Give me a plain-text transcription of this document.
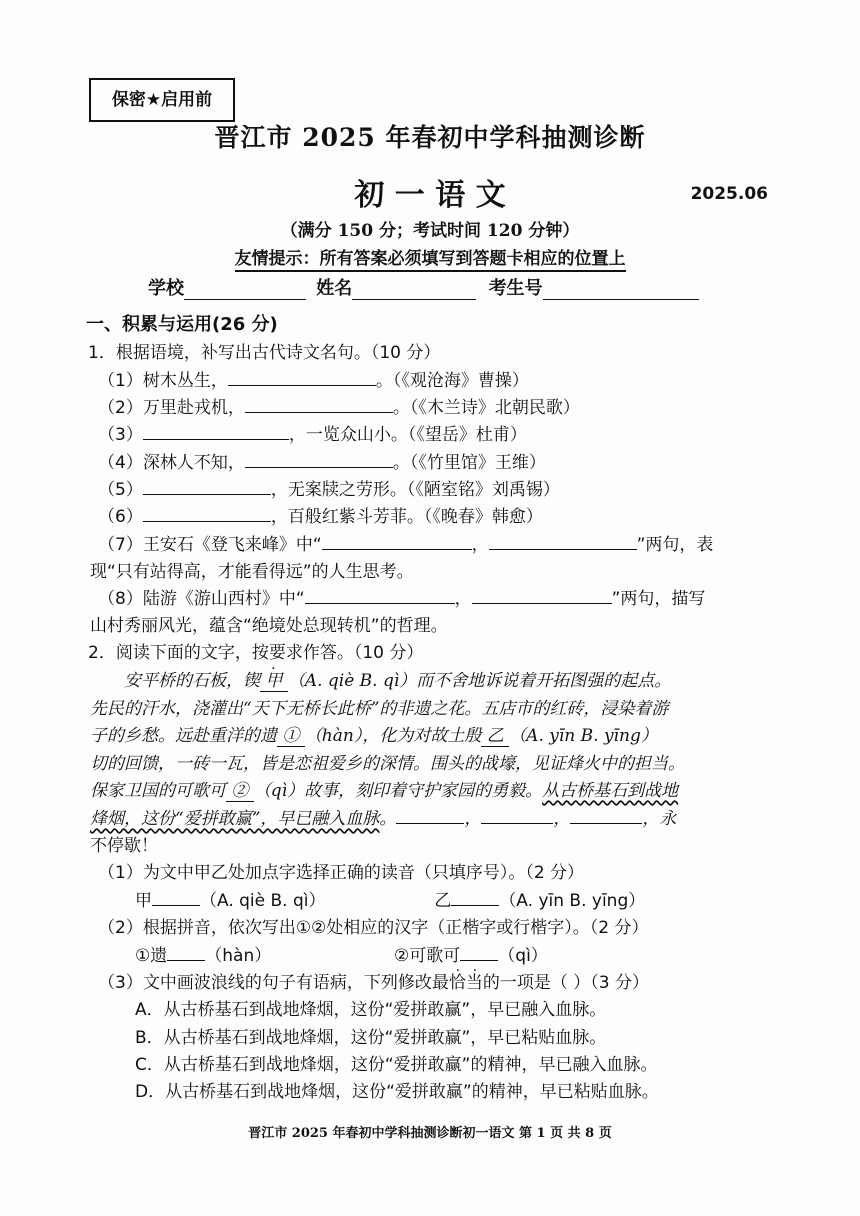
保密★启用前
晋江市 2025 年春初中学科抽测诊断
初 一 语 文	2025.06
（满分 150 分；考试时间 120 分钟）
友情提示：所有答案必须填写到答题卡相应的位置上
学校	姓名	考生号
一、积累与运用(26 分)
1．根据语境，补写出古代诗文名句。（10 分）
（1）树木丛生，	。（《观沧海》曹操）
（2）万里赴戎机，	。（《木兰诗》北朝民歌）
（3）	，一览众山小。（《望岳》杜甫）
（4）深林人不知，	。（《竹里馆》王维）
（5）	，无案牍之劳形。（《陋室铭》刘禹锡）
（6）	，百般红紫斗芳菲。（《晚春》韩愈）
（7）王安石《登飞来峰》中“	，	”两句，表
现“只有站得高，才能看得远”的人生思考。
（8）陆游《游山西村》中“	，	”两句，描写
山村秀丽风光，蕴含“绝境处总现转机”的哲理。
2．阅读下面的文字，按要求作答。（10 分）
安平桥的石板，锲 甲 （A. qiè B. qì）而不舍地诉说着开拓图强的起点。
先民的汗水，浇灌出“天下无桥长此桥”的非遗之花。五店市的红砖，浸染着游
子的乡愁。远赴重洋的遗 ① （hàn），化为对故土殷 乙 （A. yīn B. yīng）
切的回馈，一砖一瓦，皆是恋祖爱乡的深情。围头的战壕，见证烽火中的担当。
保家卫国的可歌可 ② （qì）故事，刻印着守护家园的勇毅。从古桥基石到战地
烽烟，这份“爱拼敢赢”，早已融入血脉。	，	，	，永
不停歇！
（1）为文中甲乙处加点字选择正确的读音（只填序号）。（2 分）
甲	（A. qiè B. qì）	乙	（A. yīn B. yīng）
（2）根据拼音，依次写出①②处相应的汉字（正楷字或行楷字）。（2 分）
①遗 （hàn）	②可歌可 （qì）
（3）文中画波浪线的句子有语病，下列修改最恰当的一项是（ ）（3 分）
A．从古桥基石到战地烽烟，这份“爱拼敢赢”，早已融入血脉。
B．从古桥基石到战地烽烟，这份“爱拼敢赢”，早已粘贴血脉。
C．从古桥基石到战地烽烟，这份“爱拼敢赢”的精神，早已融入血脉。
D．从古桥基石到战地烽烟，这份“爱拼敢赢”的精神，早已粘贴血脉。
晋江市 2025 年春初中学科抽测诊断初一语文 第 1 页 共 8 页
